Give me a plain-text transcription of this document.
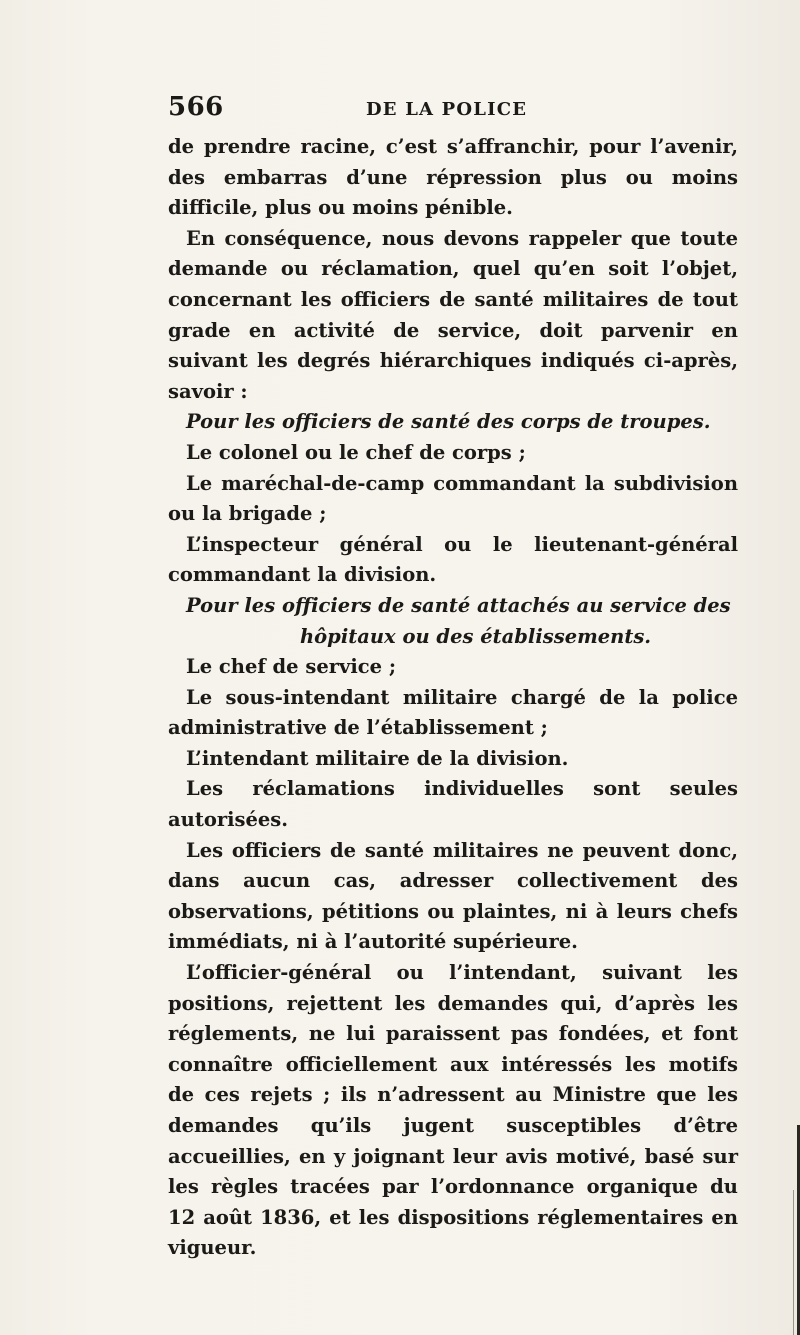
566	DE LA POLICE

de prendre racine, c’est s’affranchir, pour l’avenir, des embarras d’une répression plus ou moins difficile, plus ou moins pénible.

En conséquence, nous devons rappeler que toute demande ou réclamation, quel qu’en soit l’objet, concernant les officiers de santé militaires de tout grade en activité de service, doit parvenir en suivant les degrés hiérarchiques indiqués ci-après, savoir :

Pour les officiers de santé des corps de troupes.

Le colonel ou le chef de corps ;

Le maréchal-de-camp commandant la subdivision ou la brigade ;

L’inspecteur général ou le lieutenant-général commandant la division.

Pour les officiers de santé attachés au service des
hôpitaux ou des établissements.

Le chef de service ;

Le sous-intendant militaire chargé de la police administrative de l’établissement ;

L’intendant militaire de la division.

Les réclamations individuelles sont seules autorisées.

Les officiers de santé militaires ne peuvent donc, dans aucun cas, adresser collectivement des observations, pétitions ou plaintes, ni à leurs chefs immédiats, ni à l’autorité supérieure.

L’officier-général ou l’intendant, suivant les positions, rejettent les demandes qui, d’après les réglements, ne lui paraissent pas fondées, et font connaître officiellement aux intéressés les motifs de ces rejets ; ils n’adressent au Ministre que les demandes qu’ils jugent susceptibles d’être accueillies, en y joignant leur avis motivé, basé sur les règles tracées par l’ordonnance organique du 12 août 1836, et les dispositions réglementaires en vigueur.
